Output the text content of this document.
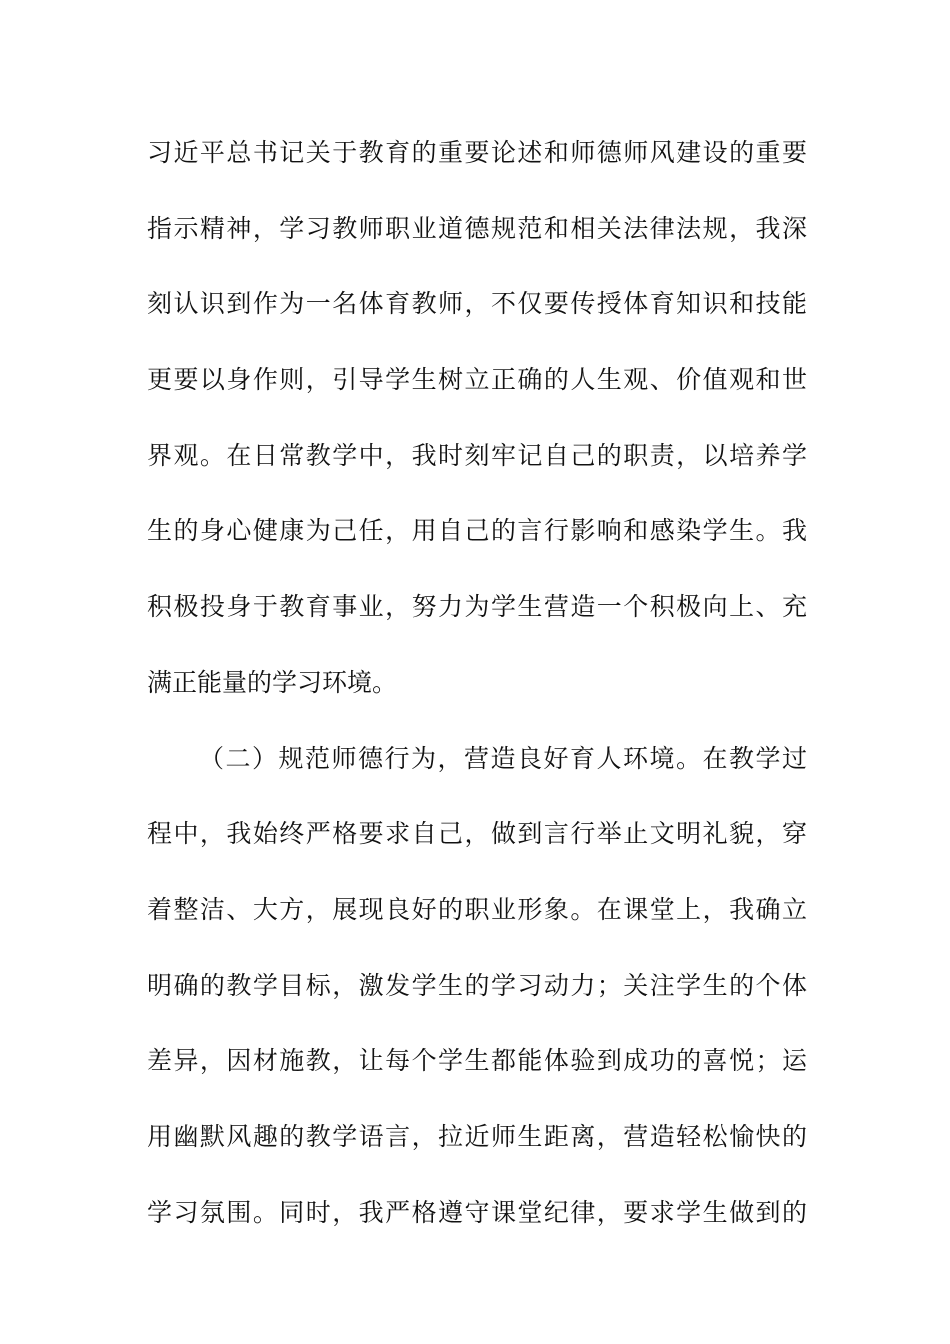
习近平总书记关于教育的重要论述和师德师风建设的重要
指示精神，学习教师职业道德规范和相关法律法规，我深
刻认识到作为一名体育教师，不仅要传授体育知识和技能
更要以身作则，引导学生树立正确的人生观、价值观和世
界观。在日常教学中，我时刻牢记自己的职责，以培养学
生的身心健康为己任，用自己的言行影响和感染学生。我
积极投身于教育事业，努力为学生营造一个积极向上、充
满正能量的学习环境。
（二）规范师德行为，营造良好育人环境。在教学过
程中，我始终严格要求自己，做到言行举止文明礼貌，穿
着整洁、大方，展现良好的职业形象。在课堂上，我确立
明确的教学目标，激发学生的学习动力；关注学生的个体
差异，因材施教，让每个学生都能体验到成功的喜悦；运
用幽默风趣的教学语言，拉近师生距离，营造轻松愉快的
学习氛围。同时，我严格遵守课堂纪律，要求学生做到的
